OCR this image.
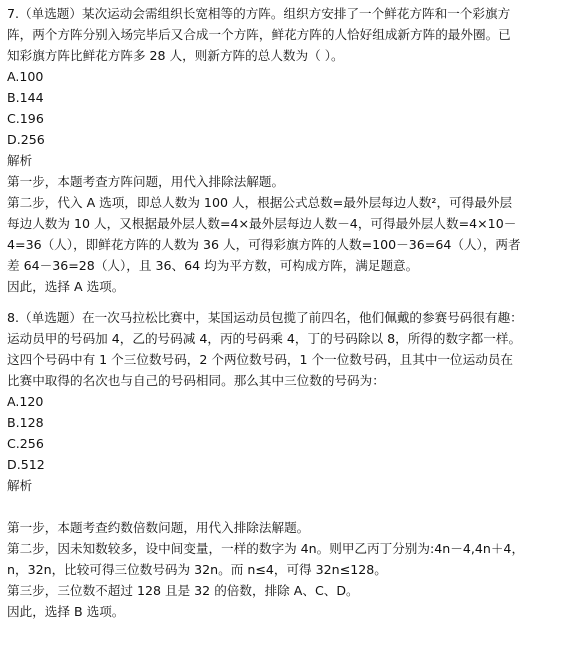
7.（单选题）某次运动会需组织长宽相等的方阵。组织方安排了一个鲜花方阵和一个彩旗方
阵，两个方阵分别入场完毕后又合成一个方阵，鲜花方阵的人恰好组成新方阵的最外圈。已
知彩旗方阵比鲜花方阵多 28 人，则新方阵的总人数为（ ）。
A.100
B.144
C.196
D.256
解析
第一步，本题考查方阵问题，用代入排除法解题。
第二步，代入 A 选项，即总人数为 100 人，根据公式总数=最外层每边人数²，可得最外层
每边人数为 10 人，又根据最外层人数=4×最外层每边人数－4，可得最外层人数=4×10－
4=36（人），即鲜花方阵的人数为 36 人，可得彩旗方阵的人数=100－36=64（人），两者
差 64－36=28（人），且 36、64 均为平方数，可构成方阵，满足题意。
因此，选择 A 选项。
8.（单选题）在一次马拉松比赛中，某国运动员包揽了前四名，他们佩戴的参赛号码很有趣：
运动员甲的号码加 4，乙的号码减 4，丙的号码乘 4，丁的号码除以 8，所得的数字都一样。
这四个号码中有 1 个三位数号码，2 个两位数号码，1 个一位数号码，且其中一位运动员在
比赛中取得的名次也与自己的号码相同。那么其中三位数的号码为：
A.120
B.128
C.256
D.512
解析
第一步，本题考查约数倍数问题，用代入排除法解题。
第二步，因未知数较多，设中间变量，一样的数字为 4n。则甲乙丙丁分别为:4n－4,4n＋4，
n，32n，比较可得三位数号码为 32n。而 n≤4，可得 32n≤128。
第三步，三位数不超过 128 且是 32 的倍数，排除 A、C、D。
因此，选择 B 选项。
